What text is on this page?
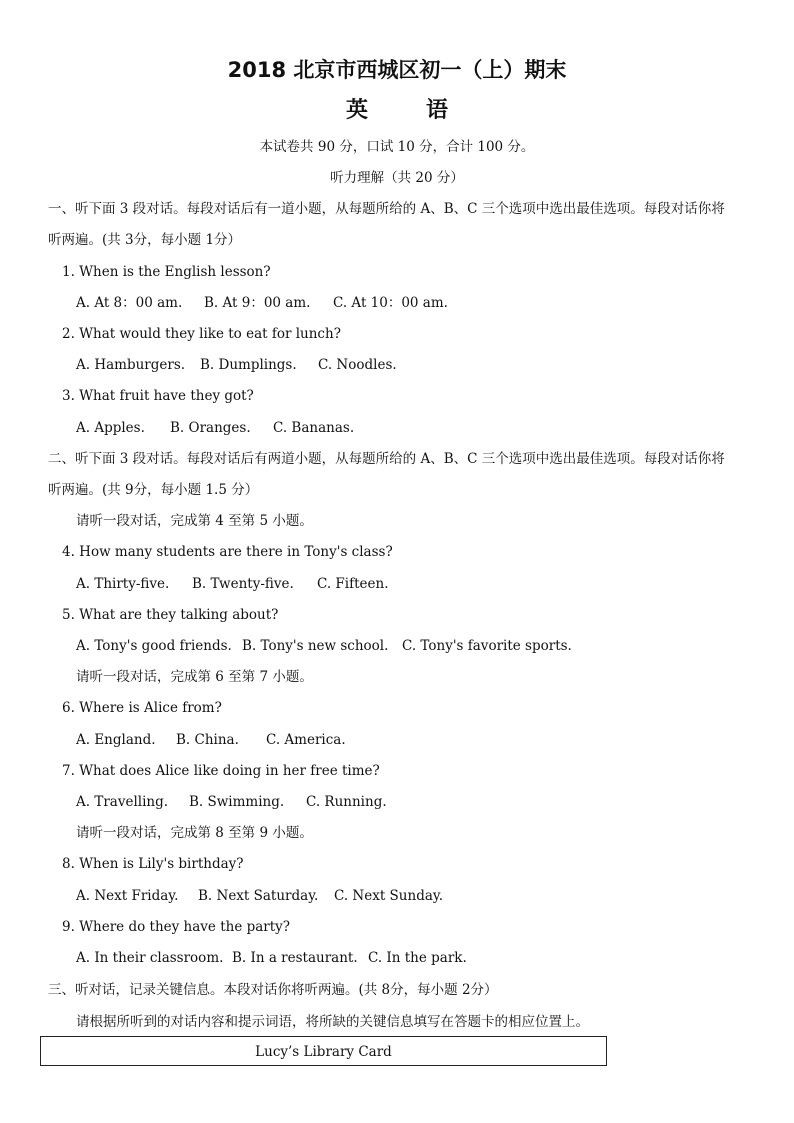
2018 北京市西城区初一（上）期末
英语
本试卷共 90 分，口试 10 分，合计 100 分。
听力理解（共 20 分）
一、听下面 3 段对话。每段对话后有一道小题，从每题所给的 A、B、C 三个选项中选出最佳选项。每段对话你将
听两遍。(共 3分，每小题 1分）
1. When is the English lesson?
A. At 8：00 am. B. At 9：00 am. C. At 10：00 am.
2. What would they like to eat for lunch?
A. Hamburgers. B. Dumplings. C. Noodles.
3. What fruit have they got?
A. Apples. B. Oranges. C. Bananas.
二、听下面 3 段对话。每段对话后有两道小题，从每题所给的 A、B、C 三个选项中选出最佳选项。每段对话你将
听两遍。(共 9分，每小题 1.5 分）
请听一段对话，完成第 4 至第 5 小题。
4. How many students are there in Tony's class?
A. Thirty-five. B. Twenty-five. C. Fifteen.
5. What are they talking about?
A. Tony's good friends. B. Tony's new school. C. Tony's favorite sports.
请听一段对话，完成第 6 至第 7 小题。
6. Where is Alice from?
A. England. B. China. C. America.
7. What does Alice like doing in her free time?
A. Travelling. B. Swimming. C. Running.
请听一段对话，完成第 8 至第 9 小题。
8. When is Lily's birthday?
A. Next Friday. B. Next Saturday. C. Next Sunday.
9. Where do they have the party?
A. In their classroom. B. In a restaurant. C. In the park.
三、听对话，记录关键信息。本段对话你将听两遍。(共 8分，每小题 2分）
请根据所听到的对话内容和提示词语，将所缺的关键信息填写在答题卡的相应位置上。
Lucy’s Library Card
